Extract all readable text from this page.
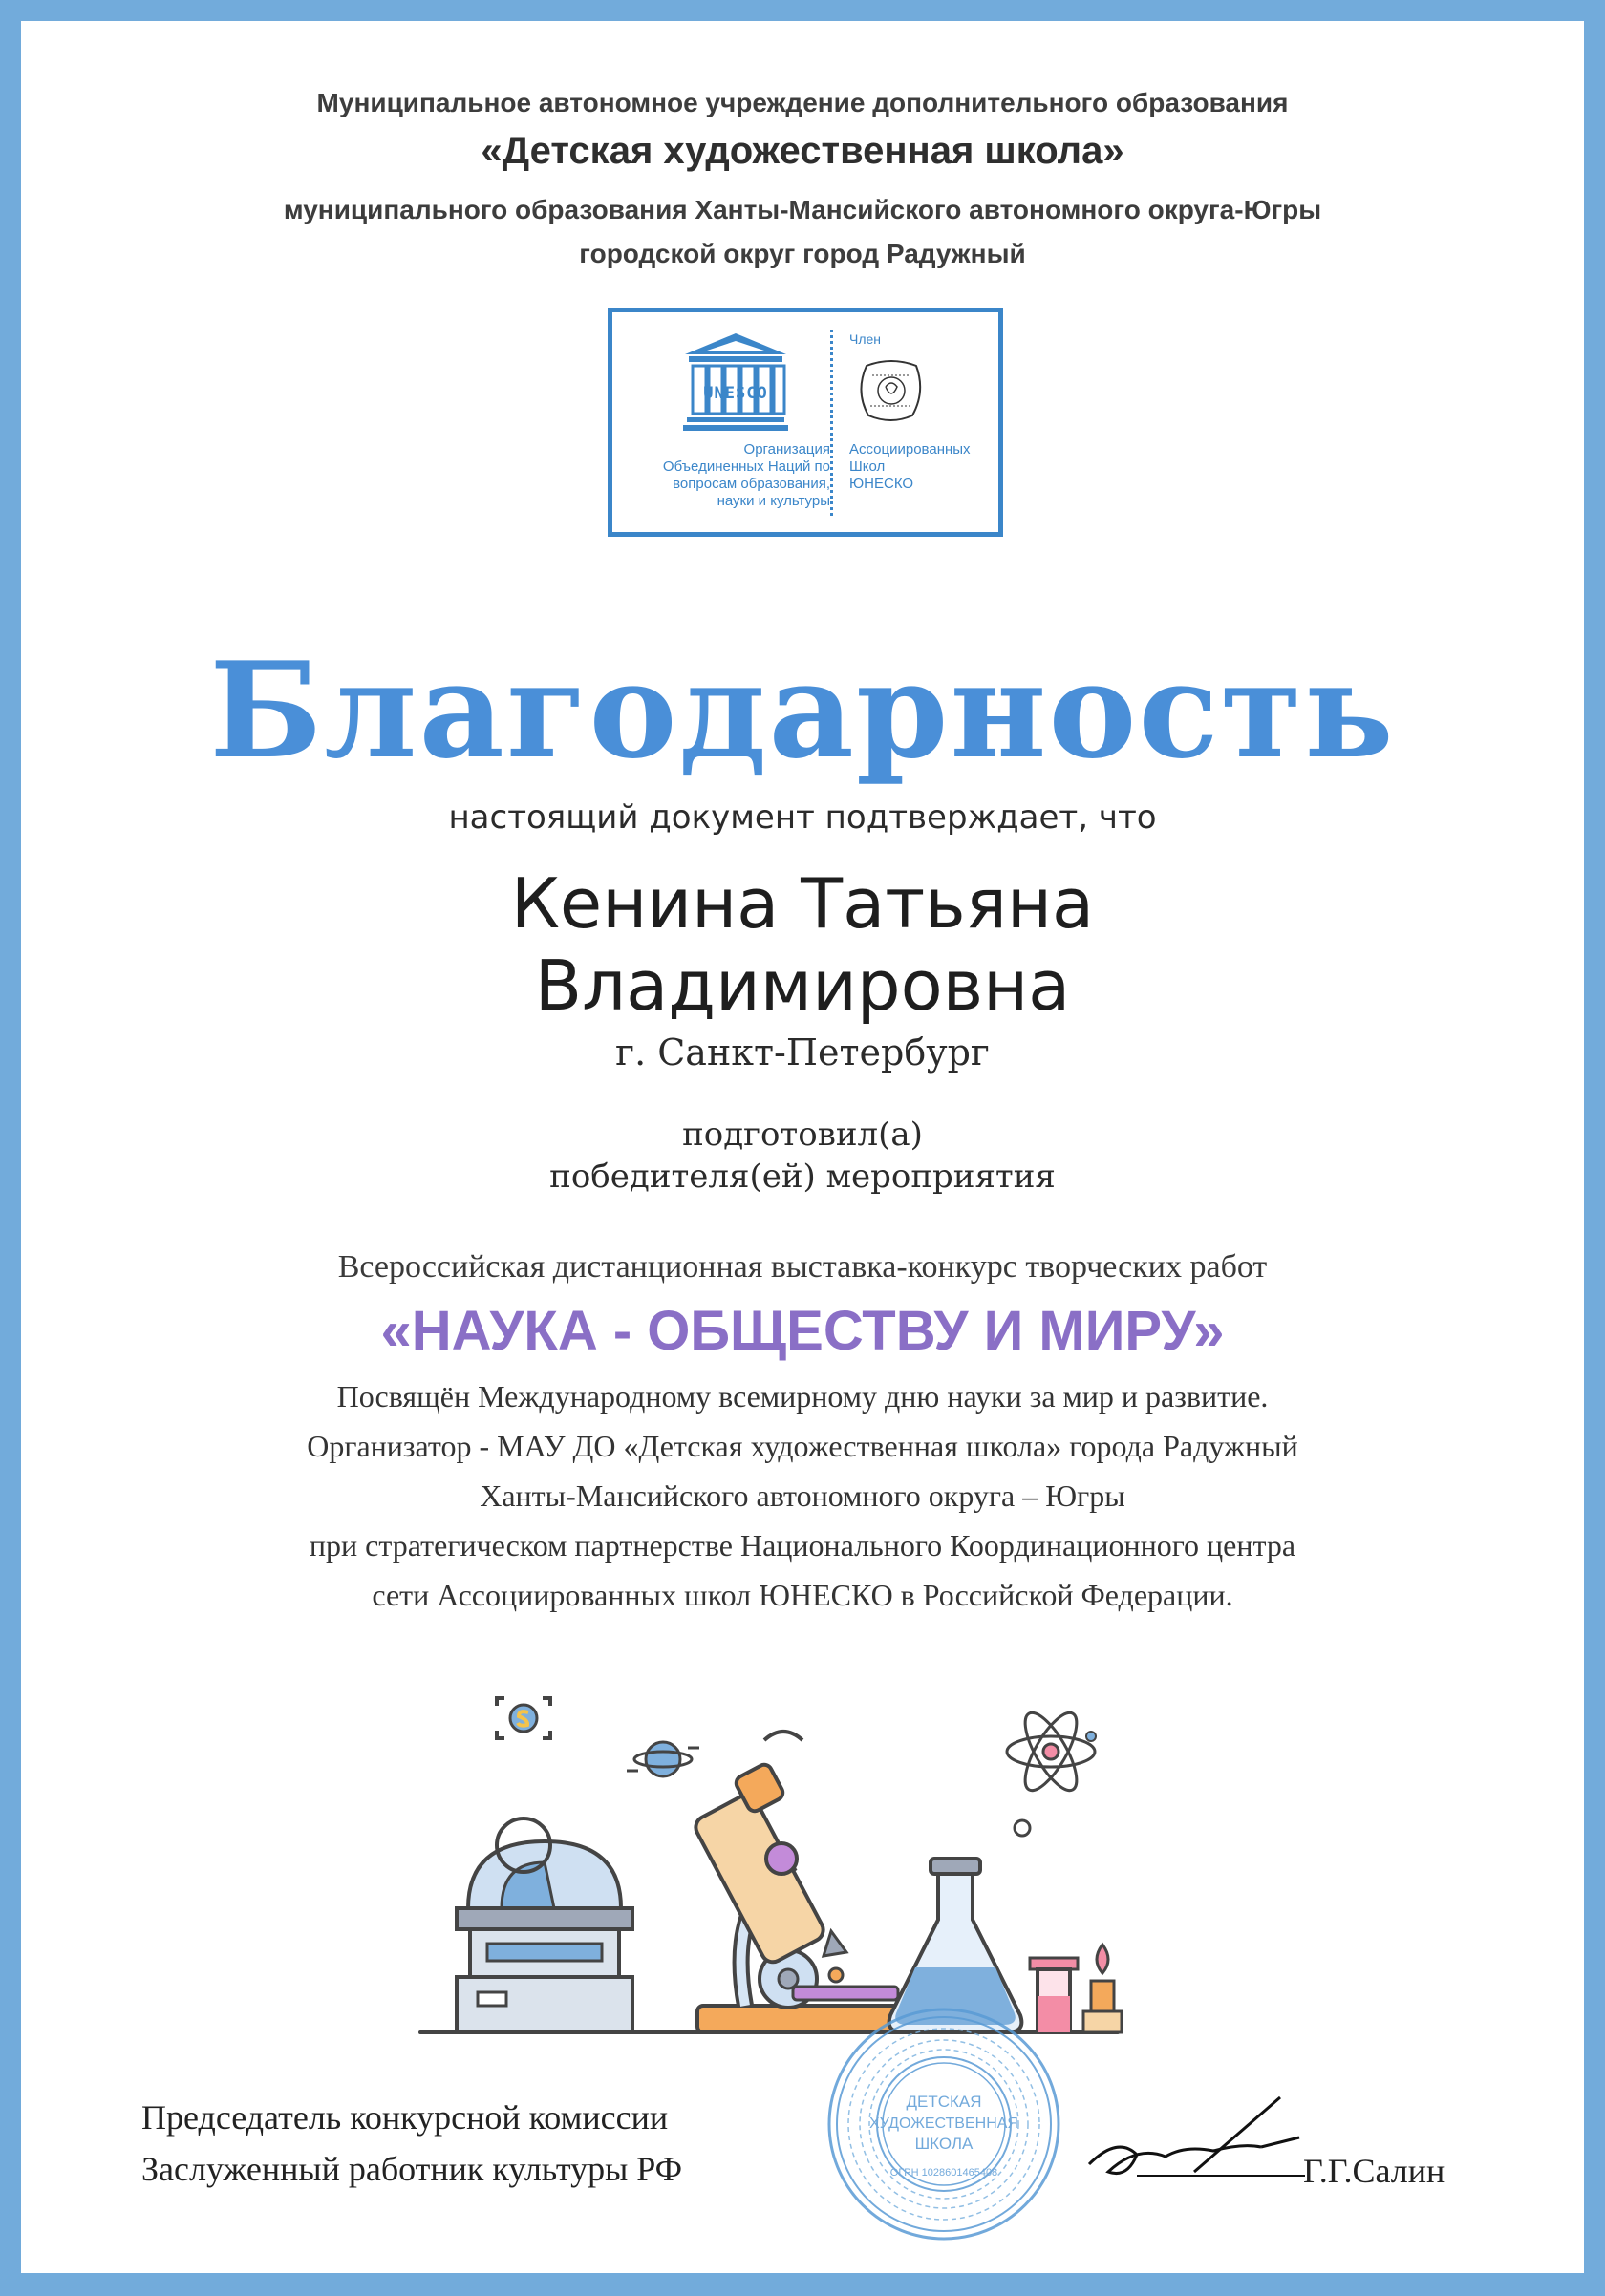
Муниципальное автономное учреждение дополнительного образования
«Детская художественная школа»
муниципального образования Ханты-Мансийского автономного округа-Югры
городской округ город Радужный
UNESCO
Организация
Объединенных Наций по
вопросам образования,
науки и культуры
Член
Ассоциированных
Школ
ЮНЕСКО
Благодарность
настоящий документ подтверждает, что
Кенина Татьяна
Владимировна
г. Санкт-Петербург
подготовил(а)
победителя(ей) мероприятия
Всероссийская дистанционная выставка-конкурс творческих работ
«НАУКА - ОБЩЕСТВУ И МИРУ»
Посвящён Международному всемирному дню науки за мир и развитие.
Организатор - МАУ ДО «Детская художественная школа» города Радужный
Ханты-Мансийского автономного округа – Югры
при стратегическом партнерстве Национального Координационного центра
сети Ассоциированных школ ЮНЕСКО в Российской Федерации.
ДЕТСКАЯ
ХУДОЖЕСТВЕННАЯ
ШКОЛА
ОГРН 1028601465408
Председатель конкурсной комиссии
Заслуженный работник культуры РФ	Г.Г.Салин
